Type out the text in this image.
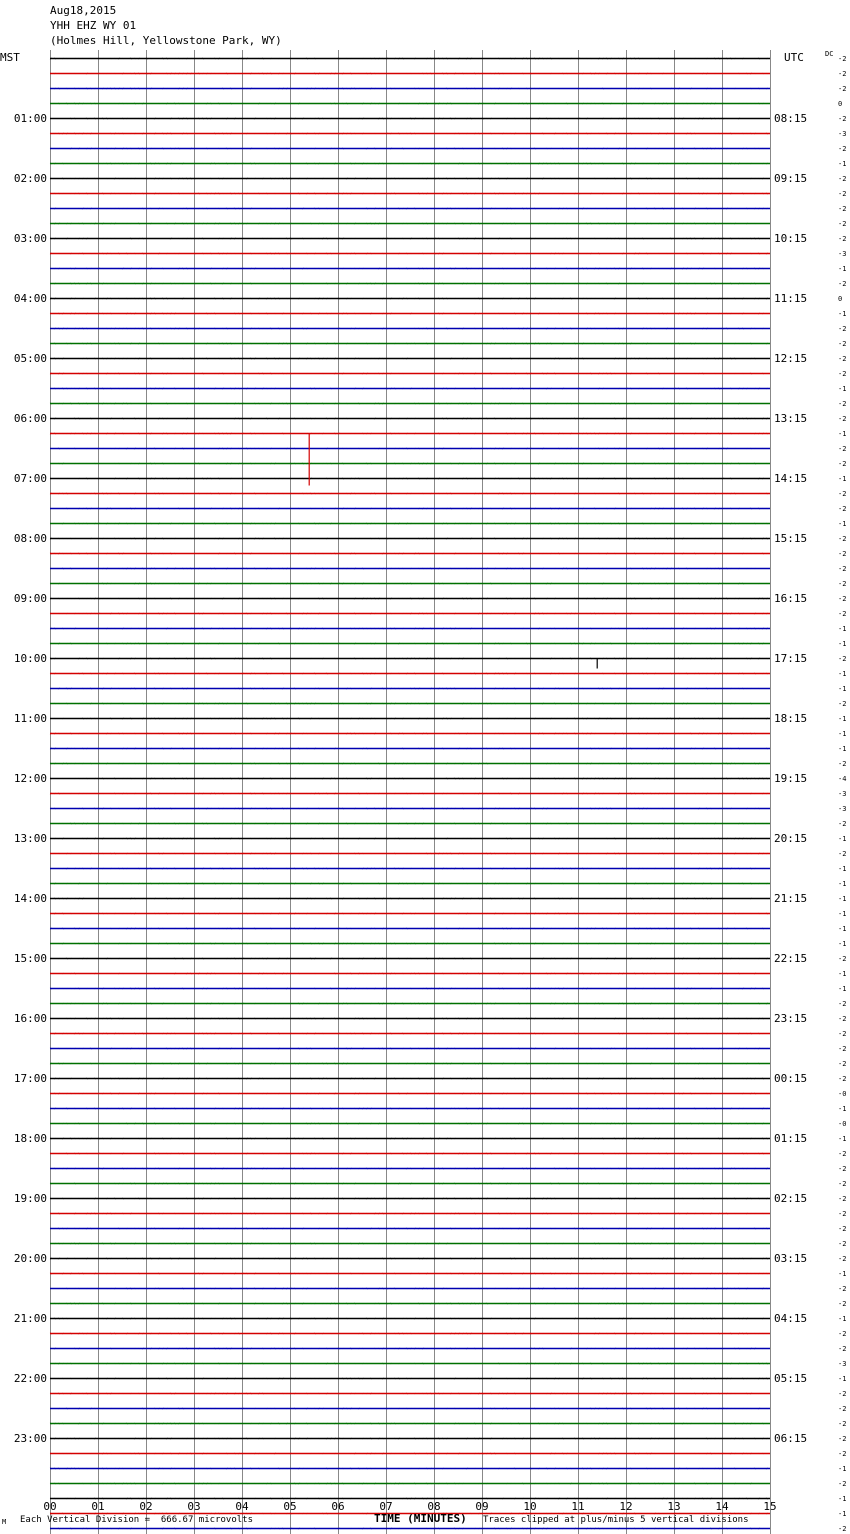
Aug18,2015
YHH EHZ WY 01
(Holmes Hill, Yellowstone Park, WY)
MST	UTC	DC
01:00	08:15
02:00	09:15
03:00	10:15
04:00	11:15
05:00	12:15
06:00	13:15
07:00	14:15
08:00	15:15
09:00	16:15
10:00	17:15
11:00	18:15
12:00	19:15
13:00	20:15
14:00	21:15
15:00	22:15
16:00	23:15
17:00	00:15
18:00	01:15
19:00	02:15
20:00	03:15
21:00	04:15
22:00	05:15
23:00	06:15
-2
-2
-2
0
-2
-3
-2
-1
-2
-2
-2
-2
-2
-3
-1
-2
0
-1
-2
-2
-2
-2
-1
-2
-2
-1
-2
-2
-1
-2
-2
-1
-2
-2
-2
-2
-2
-2
-1
-1
-2
-1
-1
-2
-1
-1
-1
-2
-4
-3
-3
-2
-1
-2
-1
-1
-1
-1
-1
-1
-2
-1
-1
-2
-2
-2
-2
-2
-2
-0
-1
-0
-1
-2
-2
-2
-2
-2
-2
-2
-2
-1
-2
-2
-1
-2
-2
-3
-1
-2
-2
-2
-2
-2
-1
-2
-1
-1
-2
00	01	02	03	04	05	06	07	08	09	10	11	12	13	14	15
M Each Vertical Division =  666.67 microvolts	TIME (MINUTES) Traces clipped at plus/minus 5 vertical divisions
